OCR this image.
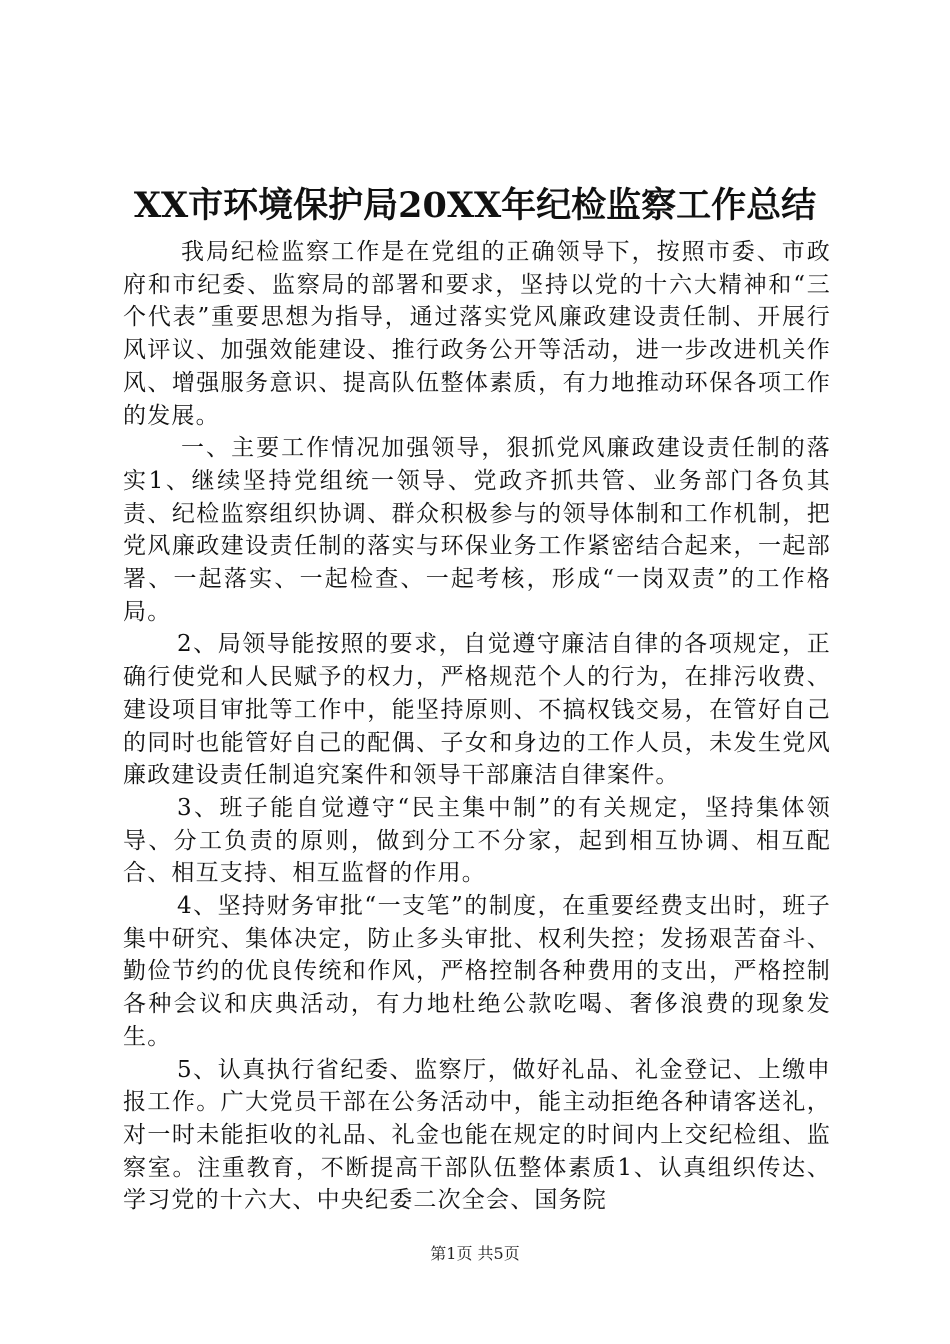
XX市环境保护局20XX年纪检监察工作总结

我局纪检监察工作是在党组的正确领导下，按照市委、市政府和市纪委、监察局的部署和要求，坚持以党的十六大精神和“三个代表”重要思想为指导，通过落实党风廉政建设责任制、开展行风评议、加强效能建设、推行政务公开等活动，进一步改进机关作风、增强服务意识、提高队伍整体素质，有力地推动环保各项工作的发展。

一、主要工作情况加强领导，狠抓党风廉政建设责任制的落实1、继续坚持党组统一领导、党政齐抓共管、业务部门各负其责、纪检监察组织协调、群众积极参与的领导体制和工作机制，把党风廉政建设责任制的落实与环保业务工作紧密结合起来，一起部署、一起落实、一起检查、一起考核，形成“一岗双责”的工作格局。

2、局领导能按照的要求，自觉遵守廉洁自律的各项规定，正确行使党和人民赋予的权力，严格规范个人的行为，在排污收费、建设项目审批等工作中，能坚持原则、不搞权钱交易，在管好自己的同时也能管好自己的配偶、子女和身边的工作人员，未发生党风廉政建设责任制追究案件和领导干部廉洁自律案件。

3、班子能自觉遵守“民主集中制”的有关规定，坚持集体领导、分工负责的原则，做到分工不分家，起到相互协调、相互配合、相互支持、相互监督的作用。

4、坚持财务审批“一支笔”的制度，在重要经费支出时，班子集中研究、集体决定，防止多头审批、权利失控；发扬艰苦奋斗、勤俭节约的优良传统和作风，严格控制各种费用的支出，严格控制各种会议和庆典活动，有力地杜绝公款吃喝、奢侈浪费的现象发生。

5、认真执行省纪委、监察厅，做好礼品、礼金登记、上缴申报工作。广大党员干部在公务活动中，能主动拒绝各种请客送礼，对一时未能拒收的礼品、礼金也能在规定的时间内上交纪检组、监察室。注重教育，不断提高干部队伍整体素质1、认真组织传达、学习党的十六大、中央纪委二次全会、国务院

第1页 共5页
